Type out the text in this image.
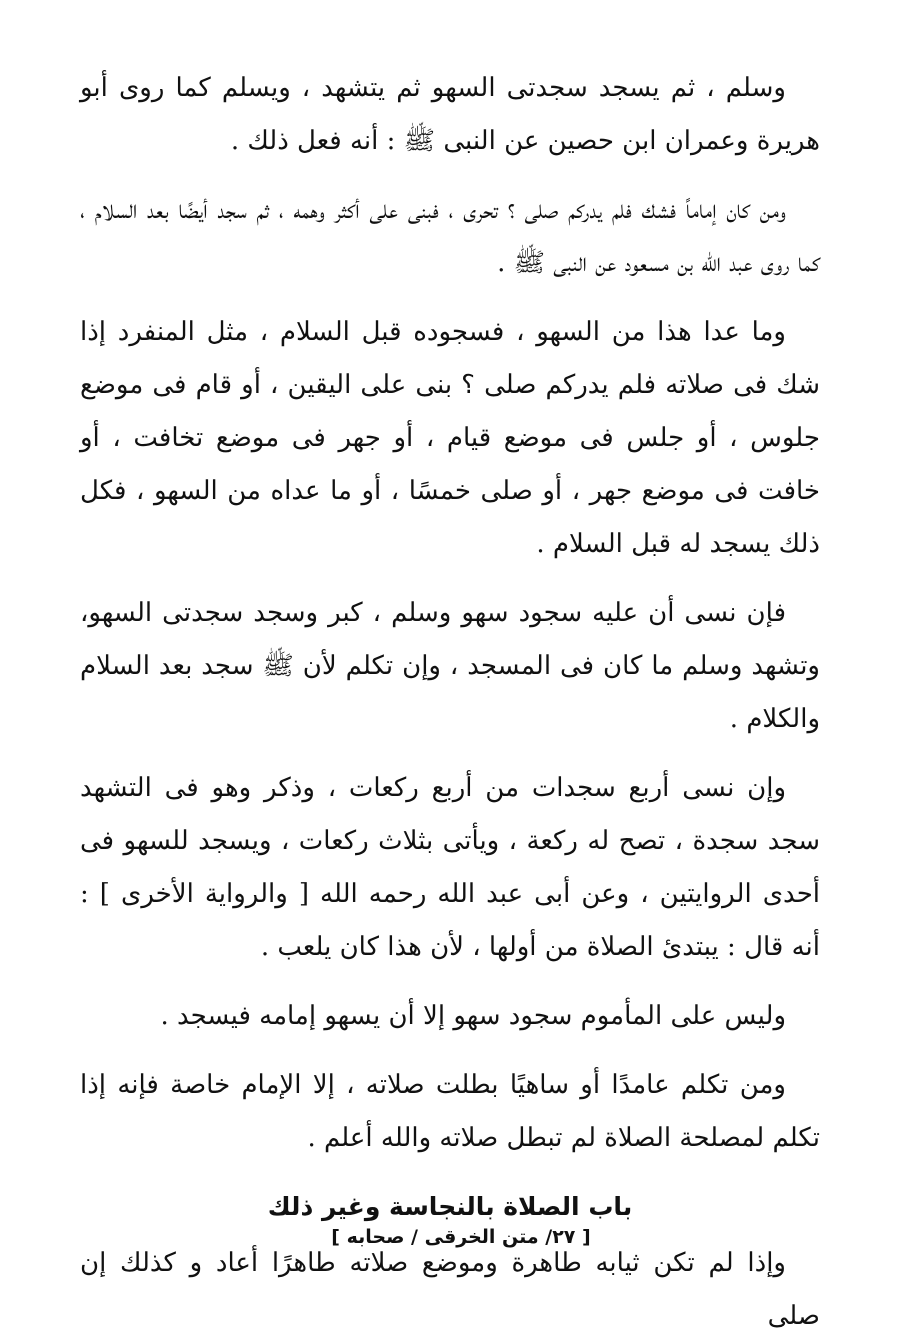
وسلم ، ثم يسجد سجدتى السهو ثم يتشهد ، ويسلم كما روى أبو هريرة وعمران ابن حصين عن النبى ﷺ : أنه فعل ذلك .

ومن كان إماماً فشك فلم يدركم صلى ؟ تحرى ، فبنى على أكثر وهمه ، ثم سجد أيضًا بعد السلام ، كما روى عبد الله بن مسعود عن النبى ﷺ .

وما عدا هذا من السهو ، فسجوده قبل السلام ، مثل المنفرد إذا شك فى صلاته فلم يدركم صلى ؟ بنى على اليقين ، أو قام فى موضع جلوس ، أو جلس فى موضع قيام ، أو جهر فى موضع تخافت ، أو خافت فى موضع جهر ، أو صلى خمسًا ، أو ما عداه من السهو ، فكل ذلك يسجد له قبل السلام .

فإن نسى أن عليه سجود سهو وسلم ، كبر وسجد سجدتى السهو، وتشهد وسلم ما كان فى المسجد ، وإن تكلم لأن ﷺ سجد بعد السلام والكلام .

وإن نسى أربع سجدات من أربع ركعات ، وذكر وهو فى التشهد سجد سجدة ، تصح له ركعة ، ويأتى بثلاث ركعات ، ويسجد للسهو فى أحدى الروايتين ، وعن أبى عبد الله رحمه الله [ والرواية الأخرى ] : أنه قال : يبتدئ الصلاة من أولها ، لأن هذا كان يلعب .

وليس على المأموم سجود سهو إلا أن يسهو إمامه فيسجد .

ومن تكلم عامدًا أو ساهيًا بطلت صلاته ، إلا الإمام خاصة فإنه إذا تكلم لمصلحة الصلاة لم تبطل صلاته والله أعلم .

باب الصلاة بالنجاسة وغير ذلك

وإذا لم تكن ثيابه طاهرة وموضع صلاته طاهرًا أعاد و كذلك إن صلى

[ ٢٧/ متن الخرقى / صحابه ]
